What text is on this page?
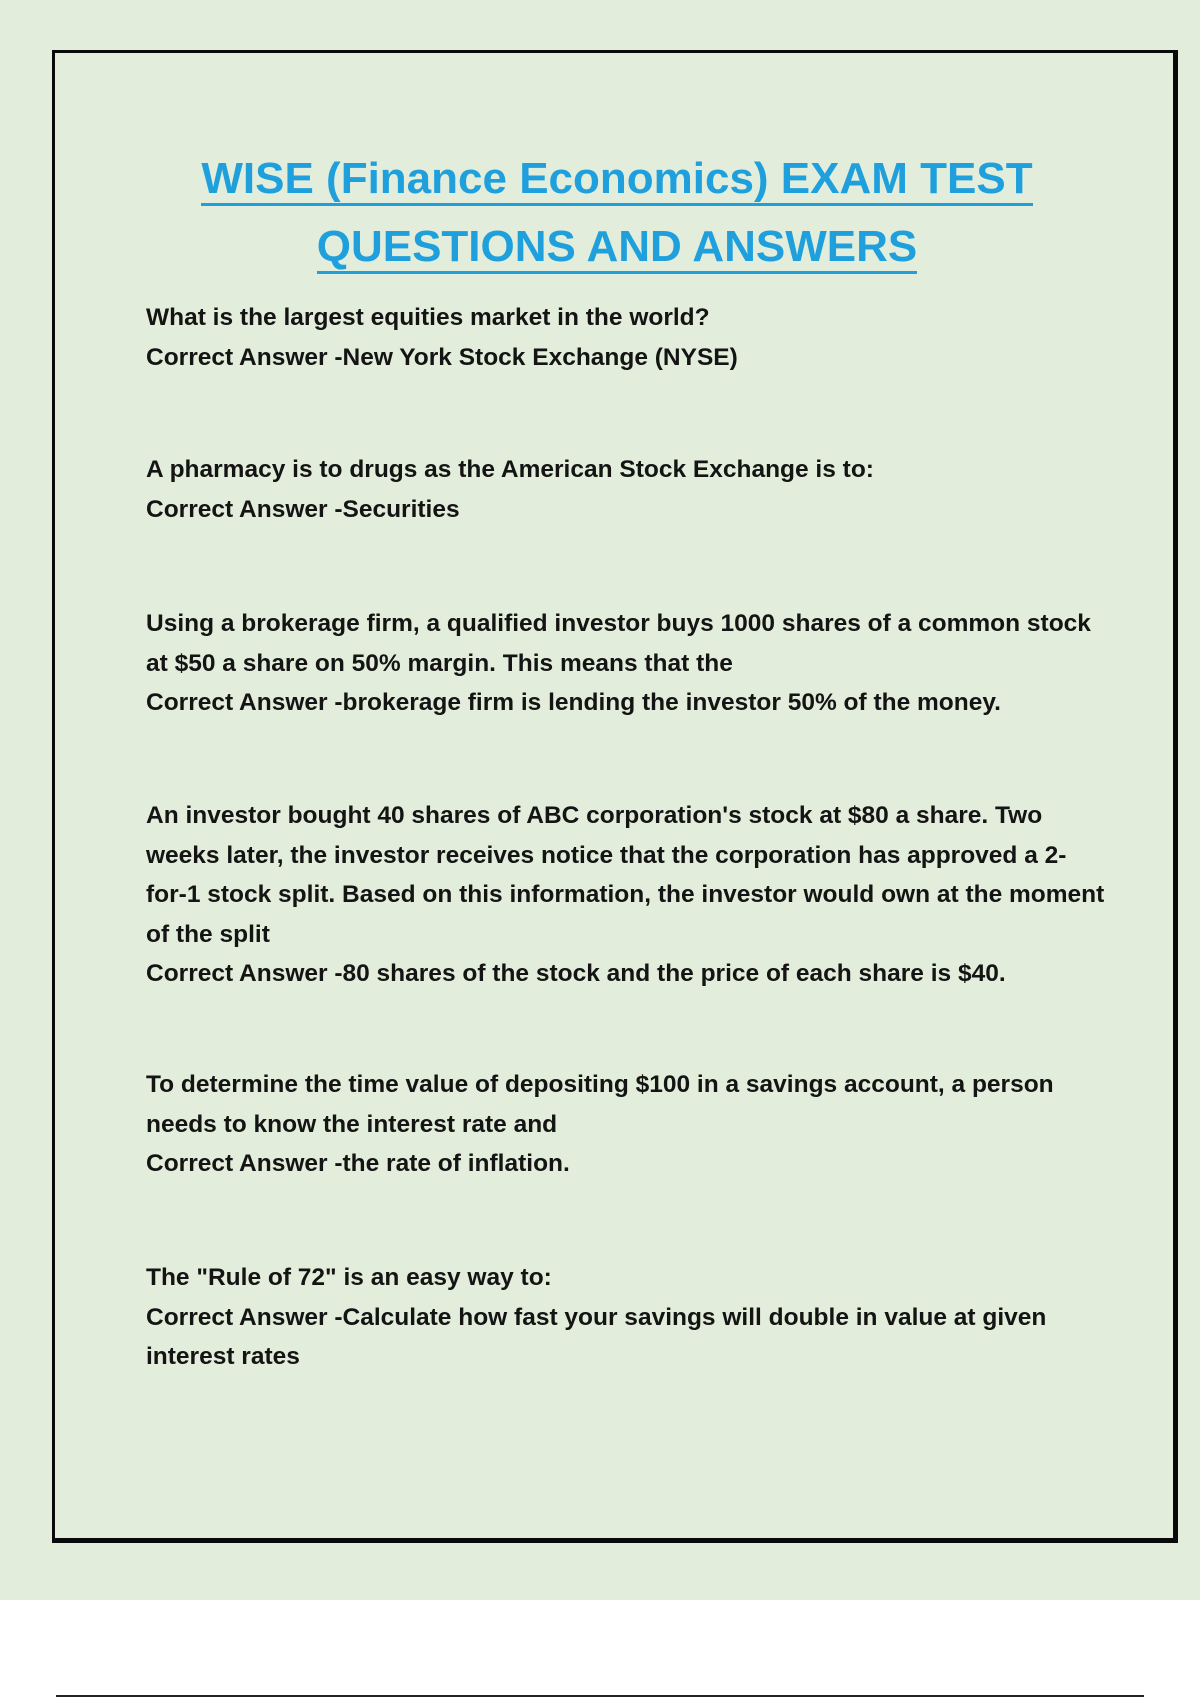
WISE (Finance Economics) EXAM TEST
QUESTIONS AND ANSWERS
What is the largest equities market in the world?
Correct Answer -New York Stock Exchange (NYSE)
A pharmacy is to drugs as the American Stock Exchange is to:
Correct Answer -Securities
Using a brokerage firm, a qualified investor buys 1000 shares of a common stock at $50 a share on 50% margin. This means that the
Correct Answer -brokerage firm is lending the investor 50% of the money.
An investor bought 40 shares of ABC corporation's stock at $80 a share. Two weeks later, the investor receives notice that the corporation has approved a 2-for-1 stock split. Based on this information, the investor would own at the moment of the split
Correct Answer -80 shares of the stock and the price of each share is $40.
To determine the time value of depositing $100 in a savings account, a person needs to know the interest rate and
Correct Answer -the rate of inflation.
The "Rule of 72" is an easy way to:
Correct Answer -Calculate how fast your savings will double in value at given interest rates
